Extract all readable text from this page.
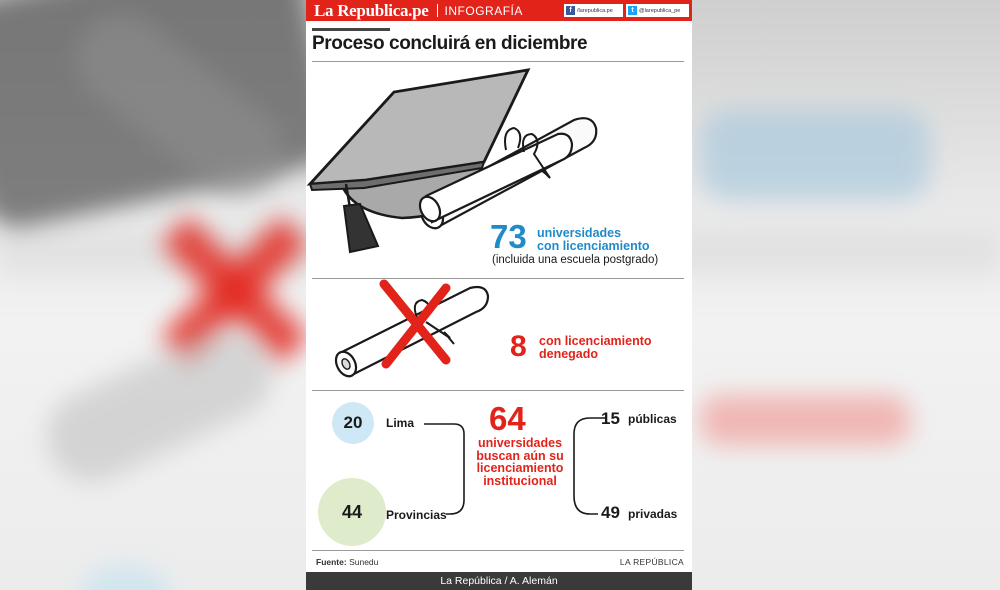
La Republica.pe INFOGRAFÍA	f /larepublica.pe	t @larepublica_pe
Proceso concluirá en diciembre
73 universidades
con licenciamiento
(incluida una escuela postgrado)
8 con licenciamiento
denegado
20	Lima
44	Provincias
64
universidades
buscan aún su
licenciamiento
institucional
15 públicas
49 privadas
Fuente: Sunedu	LA REPÚBLICA
La República / A. Alemán
